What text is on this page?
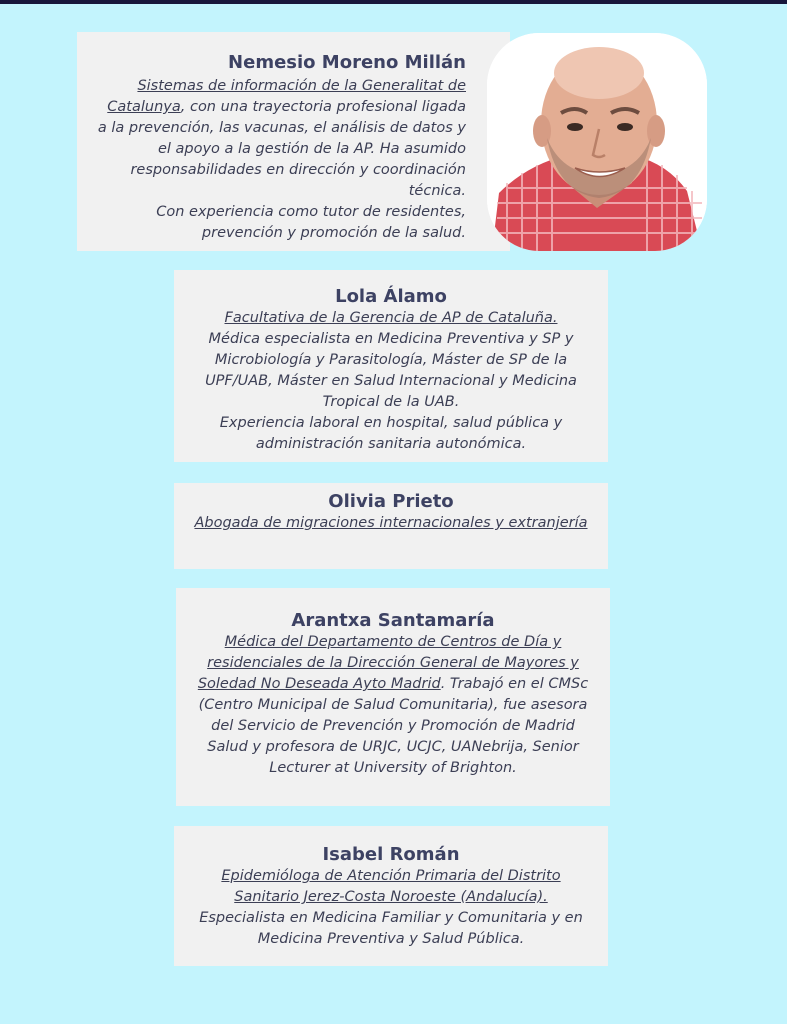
Nemesio Moreno Millán

Sistemas de información de la Generalitat de Catalunya, con una trayectoria profesional ligada a la prevención, las vacunas, el análisis de datos y el apoyo a la gestión de la AP. Ha asumido responsabilidades en dirección y coordinación técnica.

Con experiencia como tutor de residentes, prevención y promoción de la salud.

Lola Álamo

Facultativa de la Gerencia de AP de Cataluña.

Médica especialista en Medicina Preventiva y SP y Microbiología y Parasitología, Máster de SP de la UPF/UAB, Máster en Salud Internacional y Medicina Tropical de la UAB.

Experiencia laboral en hospital, salud pública y administración sanitaria autonómica.

Olivia Prieto

Abogada de migraciones internacionales y extranjería

Arantxa Santamaría

Médica del Departamento de Centros de Día y residenciales de la Dirección General de Mayores y Soledad No Deseada Ayto Madrid. Trabajó en el CMSc (Centro Municipal de Salud Comunitaria), fue asesora del Servicio de Prevención y Promoción de Madrid Salud y profesora de URJC, UCJC, UANebrija, Senior Lecturer at University of Brighton.

Isabel Román

Epidemióloga de Atención Primaria del Distrito Sanitario Jerez-Costa Noroeste (Andalucía).

Especialista en Medicina Familiar y Comunitaria y en Medicina Preventiva y Salud Pública.
